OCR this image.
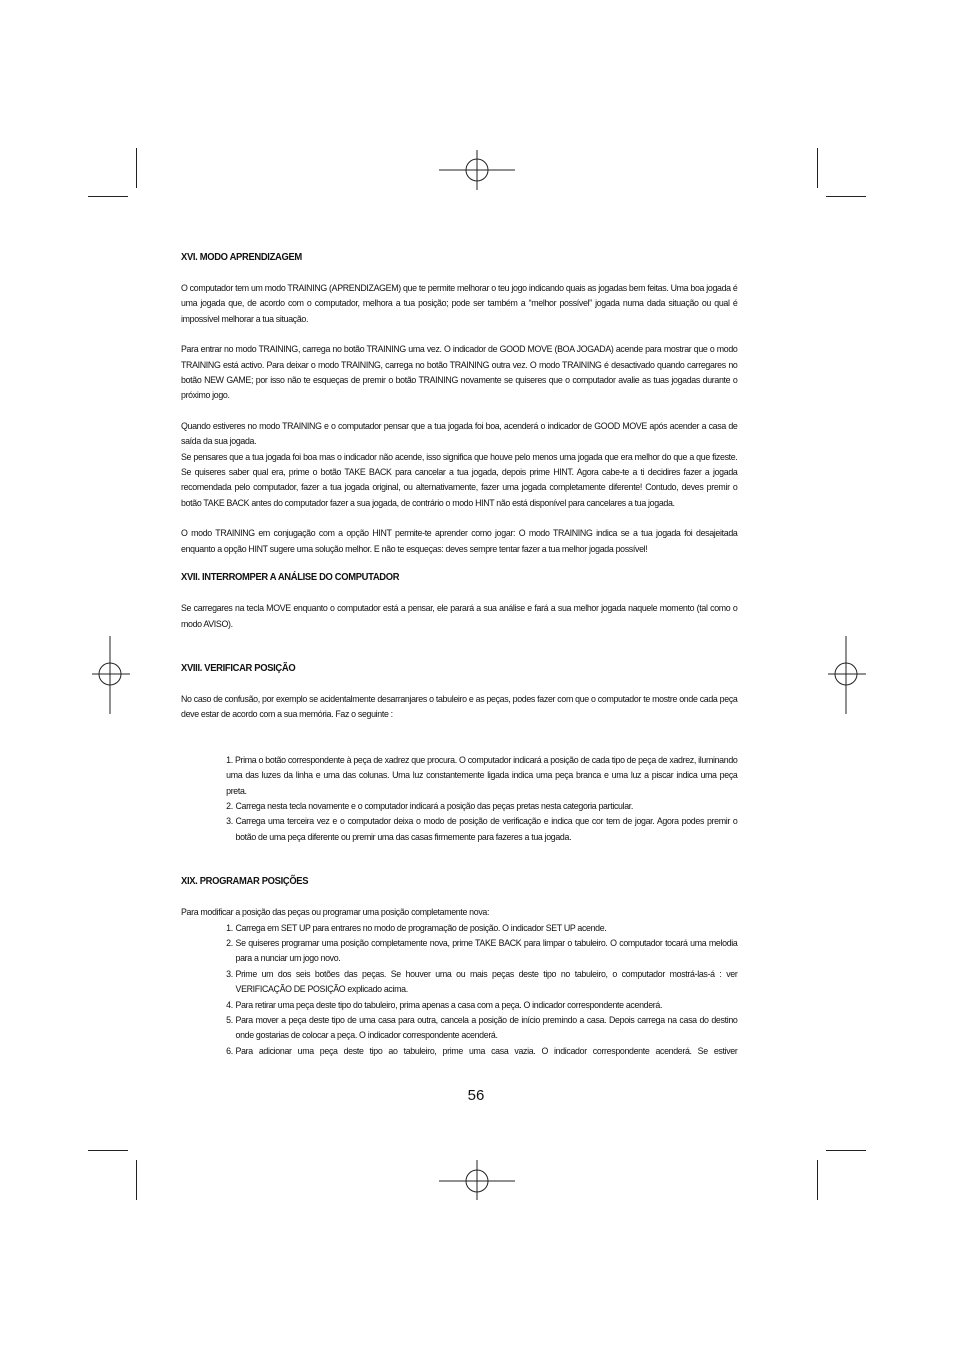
XVI. MODO APRENDIZAGEM

O computador tem um modo TRAINING (APRENDIZAGEM) que te permite melhorar o teu jogo indicando quais as jogadas bem feitas. Uma boa jogada é uma jogada que, de acordo com o computador, melhora a tua posição; pode ser também a “melhor possível” jogada numa dada situação ou qual é impossível melhorar a tua situação.

Para entrar no modo TRAINING, carrega no botão TRAINING uma vez. O indicador de GOOD MOVE (BOA JOGADA) acende para mostrar que o modo TRAINING está activo. Para deixar o modo TRAINING, carrega no botão TRAINING outra vez. O modo TRAINING é desactivado quando carregares no botão NEW GAME; por isso não te esqueças de premir o botão TRAINING novamente se quiseres que o computador avalie as tuas jogadas durante o próximo jogo.

Quando estiveres no modo TRAINING e o computador pensar que a tua jogada foi boa, acenderá o indicador de GOOD MOVE após acender a casa de saída da sua jogada.

Se pensares que a tua jogada foi boa mas o indicador não acende, isso significa que houve pelo menos uma jogada que era melhor do que a que fizeste. Se quiseres saber qual era, prime o botão TAKE BACK para cancelar a tua jogada, depois prime HINT. Agora cabe-te a ti decidires fazer a jogada recomendada pelo computador, fazer a tua jogada original, ou alternativamente, fazer uma jogada completamente diferente! Contudo, deves premir o botão TAKE BACK antes do computador fazer a sua jogada, de contrário o modo HINT não está disponível para cancelares a tua jogada.

O modo TRAINING em conjugação com a opção HINT permite-te aprender como jogar: O modo TRAINING indica se a tua jogada foi desajeitada enquanto a opção HINT sugere uma solução melhor. E não te esqueças: deves sempre tentar fazer a tua melhor jogada possível!

XVII. INTERROMPER A ANÁLISE DO COMPUTADOR

Se carregares na tecla MOVE enquanto o computador está a pensar, ele parará a sua análise e fará a sua melhor jogada naquele momento (tal como o modo AVISO).

XVIII. VERIFICAR POSIÇÃO

No caso de confusão, por exemplo se acidentalmente desarranjares o tabuleiro e as peças, podes fazer com que o computador te mostre onde cada peça deve estar de acordo com a sua memória. Faz o seguinte :

1. Prima o botão correspondente à peça de xadrez que procura. O computador indicará a posição de cada tipo de peça de xadrez, iluminando uma das luzes da linha e uma das colunas. Uma luz constantemente ligada indica uma peça branca e uma luz a piscar indica uma peça preta.
2. Carrega nesta tecla novamente e o computador indicará a posição das peças pretas nesta categoria particular.
3. Carrega uma terceira vez e o computador deixa o modo de posição de verificação e indica que cor tem de jogar. Agora podes premir o botão de uma peça diferente ou premir uma das casas firmemente para fazeres a tua jogada.
XIX. PROGRAMAR POSIÇÕES

Para modificar a posição das peças ou programar uma posição completamente nova:

1. Carrega em SET UP para entrares no modo de programação de posição. O indicador SET UP acende.
2. Se quiseres programar uma posição completamente nova, prime TAKE BACK para limpar o tabuleiro. O computador tocará uma melodia para a nunciar um jogo novo.
3. Prime um dos seis botões das peças. Se houver uma ou mais peças deste tipo no tabuleiro, o computador mostrá-las-á : ver VERIFICAÇÃO DE POSIÇÃO explicado acima.
4. Para retirar uma peça deste tipo do tabuleiro, prima apenas a casa com a peça. O indicador correspondente acenderá.
5. Para mover a peça deste tipo de uma casa para outra, cancela a posição de início premindo a casa. Depois carrega na casa do destino onde gostarias de colocar a peça. O indicador correspondente acenderá.
6. Para adicionar uma peça deste tipo ao tabuleiro, prime uma casa vazia. O indicador correspondente acenderá. Se estiver
56
